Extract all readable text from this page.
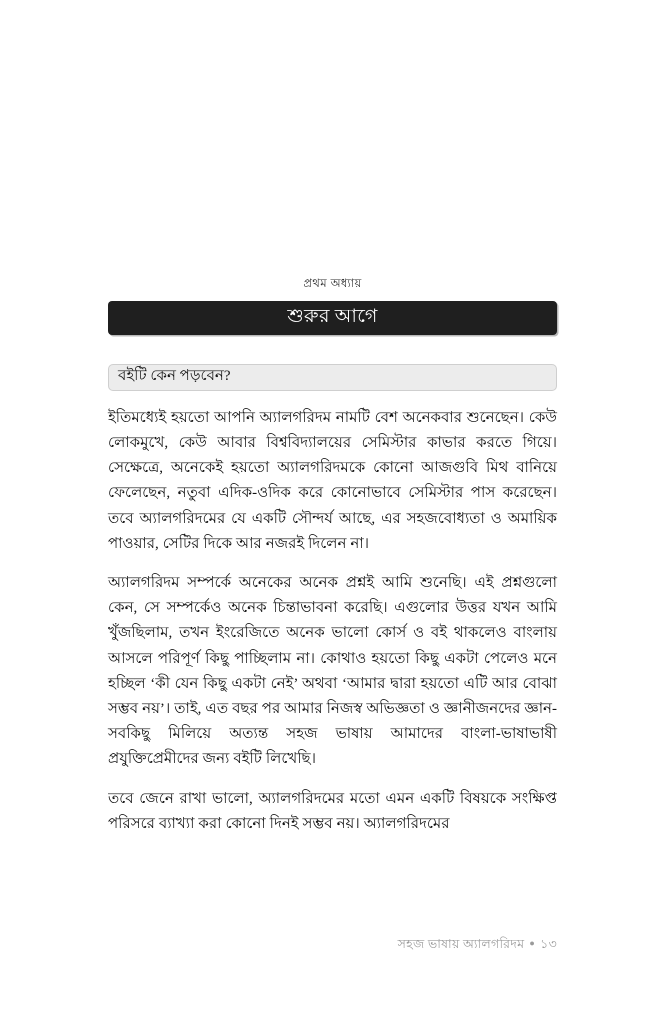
প্রথম অধ্যায়
শুরুর আগে
বইটি কেন পড়বেন?

ইতিমধ্যেই হয়তো আপনি অ্যালগরিদম নামটি বেশ অনেকবার শুনেছেন। কেউ লোকমুখে, কেউ আবার বিশ্ববিদ্যালয়ের সেমিস্টার কাভার করতে গিয়ে। সেক্ষেত্রে, অনেকেই হয়তো অ্যালগরিদমকে কোনো আজগুবি মিথ বানিয়ে ফেলেছেন, নতুবা এদিক-ওদিক করে কোনোভাবে সেমিস্টার পাস করেছেন। তবে অ্যালগরিদমের যে একটি সৌন্দর্য আছে, এর সহজবোধ্যতা ও অমায়িক পাওয়ার, সেটির দিকে আর নজরই দিলেন না।

অ্যালগরিদম সম্পর্কে অনেকের অনেক প্রশ্নই আমি শুনেছি। এই প্রশ্নগুলো কেন, সে সম্পর্কেও অনেক চিন্তাভাবনা করেছি। এগুলোর উত্তর যখন আমি খুঁজছিলাম, তখন ইংরেজিতে অনেক ভালো কোর্স ও বই থাকলেও বাংলায় আসলে পরিপূর্ণ কিছু পাচ্ছিলাম না। কোথাও হয়তো কিছু একটা পেলেও মনে হচ্ছিল ‘কী যেন কিছু একটা নেই’ অথবা ‘আমার দ্বারা হয়তো এটি আর বোঝা সম্ভব নয়’। তাই, এত বছর পর আমার নিজস্ব অভিজ্ঞতা ও জ্ঞানীজনদের জ্ঞান-সবকিছু মিলিয়ে অত্যন্ত সহজ ভাষায় আমাদের বাংলা-ভাষাভাষী প্রযুক্তিপ্রেমীদের জন্য বইটি লিখেছি।

তবে জেনে রাখা ভালো, অ্যালগরিদমের মতো এমন একটি বিষয়কে সংক্ষিপ্ত পরিসরে ব্যাখ্যা করা কোনো দিনই সম্ভব নয়। অ্যালগরিদমের

সহজ ভাষায় অ্যালগরিদম ● ১৩
